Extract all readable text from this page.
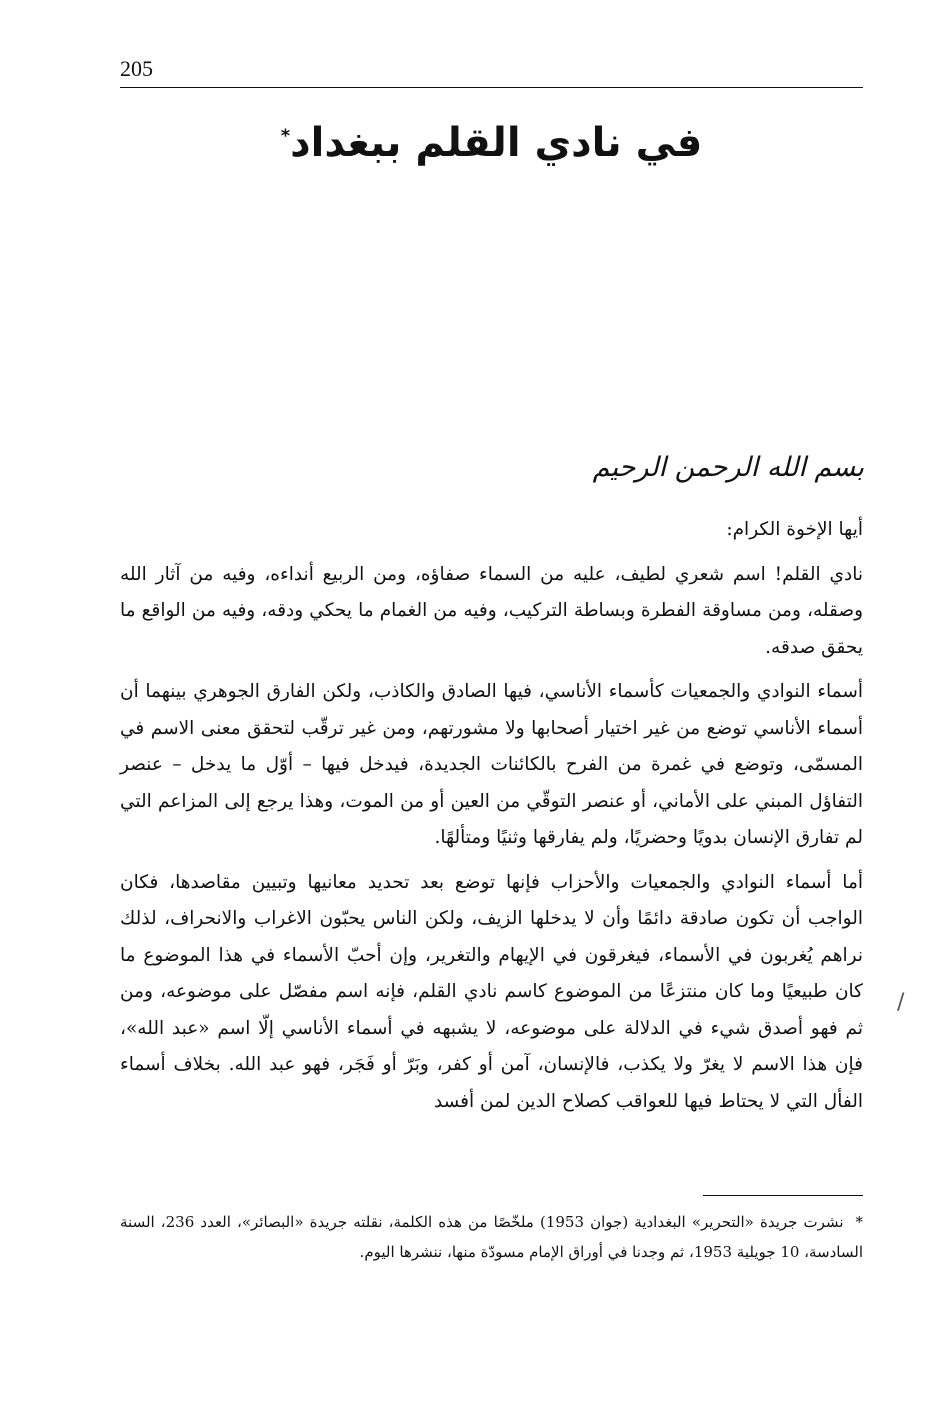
205
في نادي القلم ببغداد*
بسم الله الرحمن الرحيم

أيها الإخوة الكرام:

نادي القلم! اسم شعري لطيف، عليه من السماء صفاؤه، ومن الربيع أنداءه، وفيه من آثار الله وصقله، ومن مساوقة الفطرة وبساطة التركيب، وفيه من الغمام ما يحكي ودقه، وفيه من الواقع ما يحقق صدقه.

أسماء النوادي والجمعيات كأسماء الأناسي، فيها الصادق والكاذب، ولكن الفارق الجوهري بينهما أن أسماء الأناسي توضع من غير اختيار أصحابها ولا مشورتهم، ومن غير ترقّب لتحقق معنى الاسم في المسمّى، وتوضع في غمرة من الفرح بالكائنات الجديدة، فيدخل فيها – أوّل ما يدخل – عنصر التفاؤل المبني على الأماني، أو عنصر التوقّي من العين أو من الموت، وهذا يرجع إلى المزاعم التي لم تفارق الإنسان بدويًا وحضريًا، ولم يفارقها وثنيًا ومتألهًا.

أما أسماء النوادي والجمعيات والأحزاب فإنها توضع بعد تحديد معانيها وتبيين مقاصدها، فكان الواجب أن تكون صادقة دائمًا وأن لا يدخلها الزيف، ولكن الناس يحبّون الاغراب والانحراف، لذلك نراهم يُغربون في الأسماء، فيغرقون في الإيهام والتغرير، وإن أحبّ الأسماء في هذا الموضوع ما كان طبيعيًا وما كان منتزعًا من الموضوع كاسم نادي القلم، فإنه اسم مفصّل على موضوعه، ومن ثم فهو أصدق شيء في الدلالة على موضوعه، لا يشبهه في أسماء الأناسي إلّا اسم «عبد الله»، فإن هذا الاسم لا يغرّ ولا يكذب، فالإنسان، آمن أو كفر، وبَرّ أو فَجَر، فهو عبد الله. بخلاف أسماء الفأل التي لا يحتاط فيها للعواقب كصلاح الدين لمن أفسد

/
*نشرت جريدة «التحرير» البغدادية (جوان 1953) ملخّصًا من هذه الكلمة، نقلته جريدة «البصائر»، العدد 236، السنة السادسة، 10 جويلية 1953، ثم وجدنا في أوراق الإمام مسودّة منها، ننشرها اليوم.
